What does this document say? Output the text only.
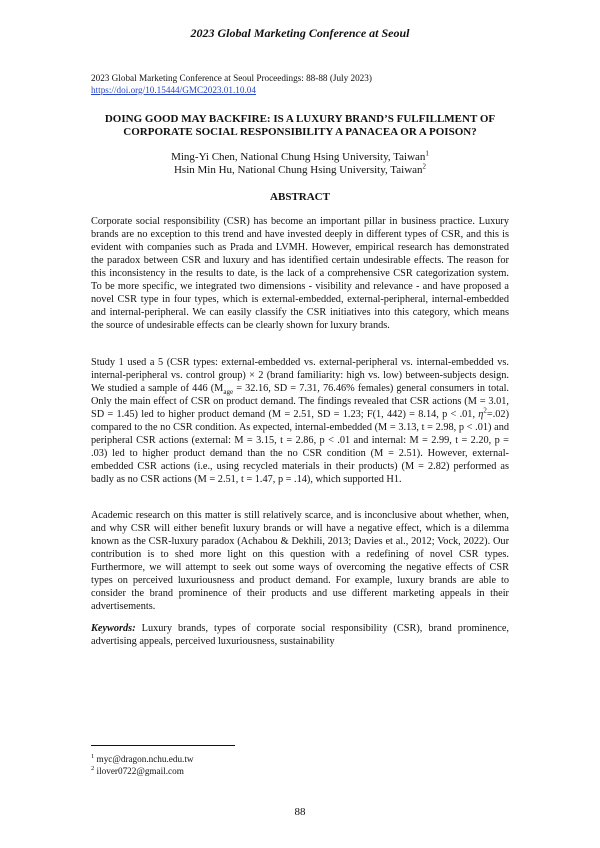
2023 Global Marketing Conference at Seoul
2023 Global Marketing Conference at Seoul Proceedings: 88-88 (July 2023)
https://doi.org/10.15444/GMC2023.01.10.04
DOING GOOD MAY BACKFIRE: IS A LUXURY BRAND’S FULFILLMENT OF CORPORATE SOCIAL RESPONSIBILITY A PANACEA OR A POISON?
Ming-Yi Chen, National Chung Hsing University, Taiwan$^1$
Hsin Min Hu, National Chung Hsing University, Taiwan$^2$
ABSTRACT

Corporate social responsibility (CSR) has become an important pillar in business practice. Luxury brands are no exception to this trend and have invested deeply in different types of CSR, and this is evident with companies such as Prada and LVMH. However, empirical research has demonstrated the paradox between CSR and luxury and has identified certain undesirable effects. The reason for this inconsistency in the results to date, is the lack of a comprehensive CSR categorization system. To be more specific, we integrated two dimensions - visibility and relevance - and have proposed a novel CSR type in four types, which is external-embedded, external-peripheral, internal-embedded and internal-peripheral. We can easily classify the CSR initiatives into this category, which means the source of undesirable effects can be clearly shown for luxury brands.

Study 1 used a 5 (CSR types: external-embedded vs. external-peripheral vs. internal-embedded vs. internal-peripheral vs. control group) × 2 (brand familiarity: high vs. low) between-subjects design. We studied a sample of 446 ($M_{age} = 32.16$, SD = 7.31, 76.46% females) general consumers in total. Only the main effect of CSR on product demand. The findings revealed that CSR actions (M = 3.01, SD = 1.45) led to higher product demand (M = 2.51, SD = 1.23; F(1, 442) = 8.14, p < .01, $\eta^2=.02$) compared to the no CSR condition. As expected, internal-embedded (M = 3.13, t = 2.98, p < .01) and peripheral CSR actions (external: M = 3.15, t = 2.86, p < .01 and internal: M = 2.99, t = 2.20, p = .03) led to higher product demand than the no CSR condition (M = 2.51). However, external-embedded CSR actions (i.e., using recycled materials in their products) (M = 2.82) performed as badly as no CSR actions (M = 2.51, t = 1.47, p = .14), which supported H1.

Academic research on this matter is still relatively scarce, and is inconclusive about whether, when, and why CSR will either benefit luxury brands or will have a negative effect, which is a dilemma known as the CSR-luxury paradox (Achabou & Dekhili, 2013; Davies et al., 2012; Vock, 2022). Our contribution is to shed more light on this question with a redefining of novel CSR types. Furthermore, we will attempt to seek out some ways of overcoming the negative effects of CSR types on perceived luxuriousness and product demand. For example, luxury brands are able to consider the brand prominence of their products and use different marketing appeals in their advertisements.

Keywords: Luxury brands, types of corporate social responsibility (CSR), brand prominence, advertising appeals, perceived luxuriousness, sustainability

$^1$ myc@dragon.nchu.edu.tw
$^2$ ilover0722@gmail.com
88
